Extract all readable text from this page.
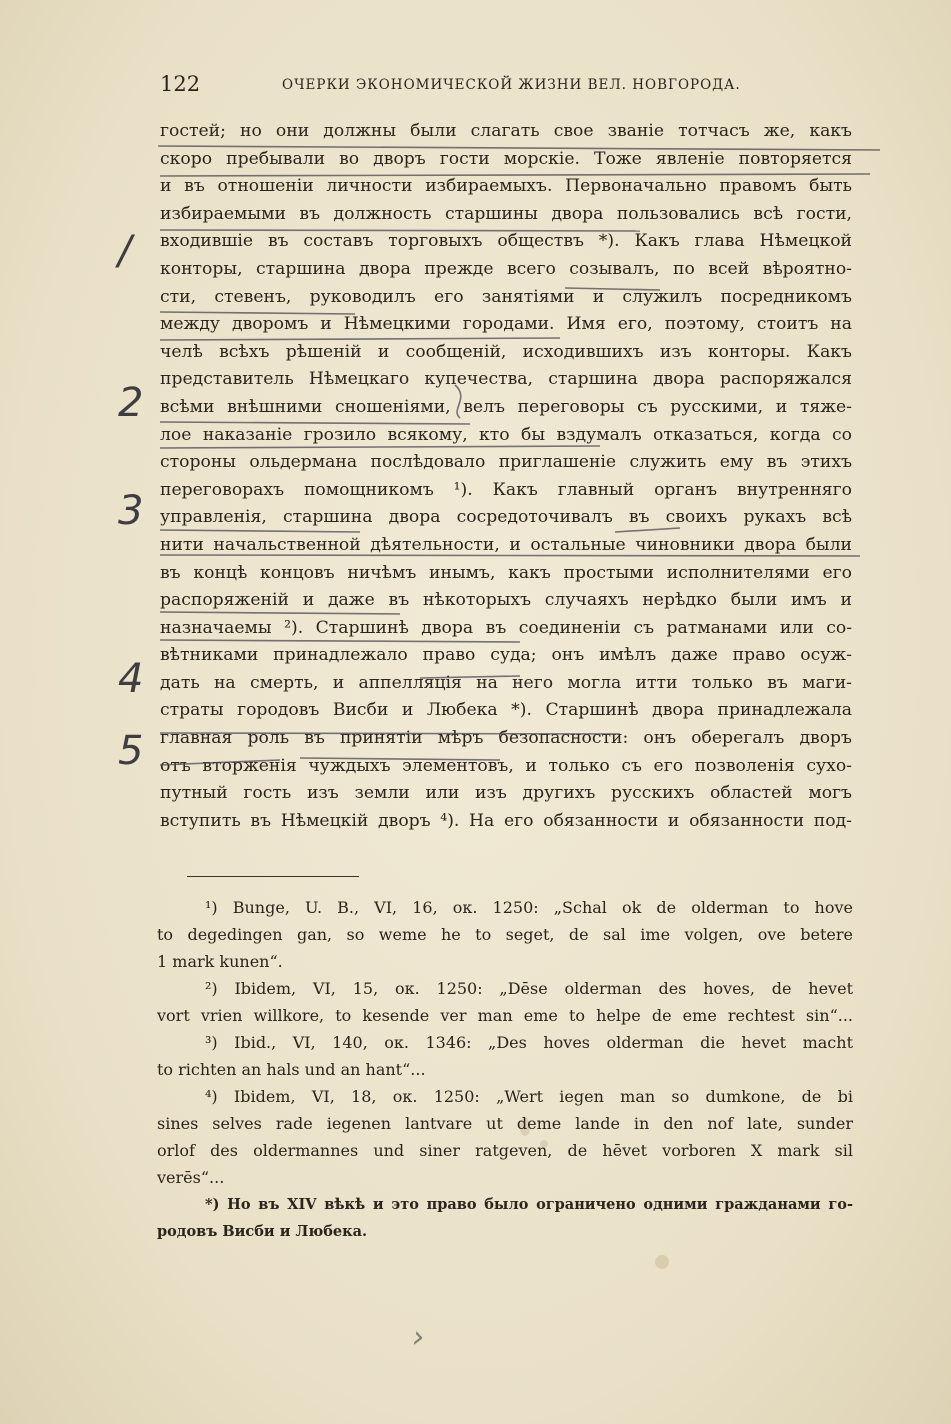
122	ОЧЕРКИ ЭКОНОМИЧЕСКОЙ ЖИЗНИ ВЕЛ. НОВГОРОДА.
гостей; но они должны были слагать свое званіе тотчасъ же, какъ
скоро пребывали во дворъ гости морскіе. Тоже явленіе повторяется
и въ отношеніи личности избираемыхъ. Первоначально правомъ быть
избираемыми въ должность старшины двора пользовались всѣ гости,
входившіе въ составъ торговыхъ обществъ *). Какъ глава Нѣмецкой
конторы, старшина двора прежде всего созывалъ, по всей вѣроятно-
сти, стевенъ, руководилъ его занятіями и служилъ посредникомъ
между дворомъ и Нѣмецкими городами. Имя его, поэтому, стоитъ на
челѣ всѣхъ рѣшеній и сообщеній, исходившихъ изъ конторы. Какъ
представитель Нѣмецкаго купечества, старшина двора распоряжался
всѣми внѣшними сношеніями, велъ переговоры съ русскими, и тяже-
лое наказаніе грозило всякому, кто бы вздумалъ отказаться, когда со
стороны ольдермана послѣдовало приглашеніе служить ему въ этихъ
переговорахъ помощникомъ ¹). Какъ главный органъ внутренняго
управленія, старшина двора сосредоточивалъ въ своихъ рукахъ всѣ
нити начальственной дѣятельности, и остальные чиновники двора были
въ концѣ концовъ ничѣмъ инымъ, какъ простыми исполнителями его
распоряженій и даже въ нѣкоторыхъ случаяхъ нерѣдко были имъ и
назначаемы ²). Старшинѣ двора въ соединеніи съ ратманами или со-
вѣтниками принадлежало право суда; онъ имѣлъ даже право осуж-
дать на смерть, и аппелляція на него могла итти только въ маги-
страты городовъ Висби и Любека *). Старшинѣ двора принадлежала
главная роль въ принятіи мѣръ безопасности: онъ оберегалъ дворъ
отъ вторженія чуждыхъ элементовъ, и только съ его позволенія сухо-
путный гость изъ земли или изъ другихъ русскихъ областей могъ
вступить въ Нѣмецкій дворъ ⁴). На его обязанности и обязанности под-
¹) Bunge, U. B., VI, 16, ок. 1250: „Schal ok de olderman to hove
to degedingen gan, so weme he to seget, de sal ime volgen, ove betere
1 mark kunen“.
²) Ibidem, VI, 15, ок. 1250: „Dēse olderman des hoves, de hevet
vort vrien willkore, to kesende ver man eme to helpe de eme rechtest sin“...
³) Ibid., VI, 140, ок. 1346: „Des hoves olderman die hevet macht
to richten an hals und an hant“...
⁴) Ibidem, VI, 18, ок. 1250: „Wert iegen man so dumkone, de bi
sines selves rade iegenen lantvare ut deme lande in den nof late, sunder
orlof des oldermannes und siner ratgeven, de hēvet vorboren X mark sil
verēs“...
*) Но въ XIV вѣкѣ и это право было ограничено одними гражданами го-
родовъ Висби и Любека.
/
2
3
4
5
›
